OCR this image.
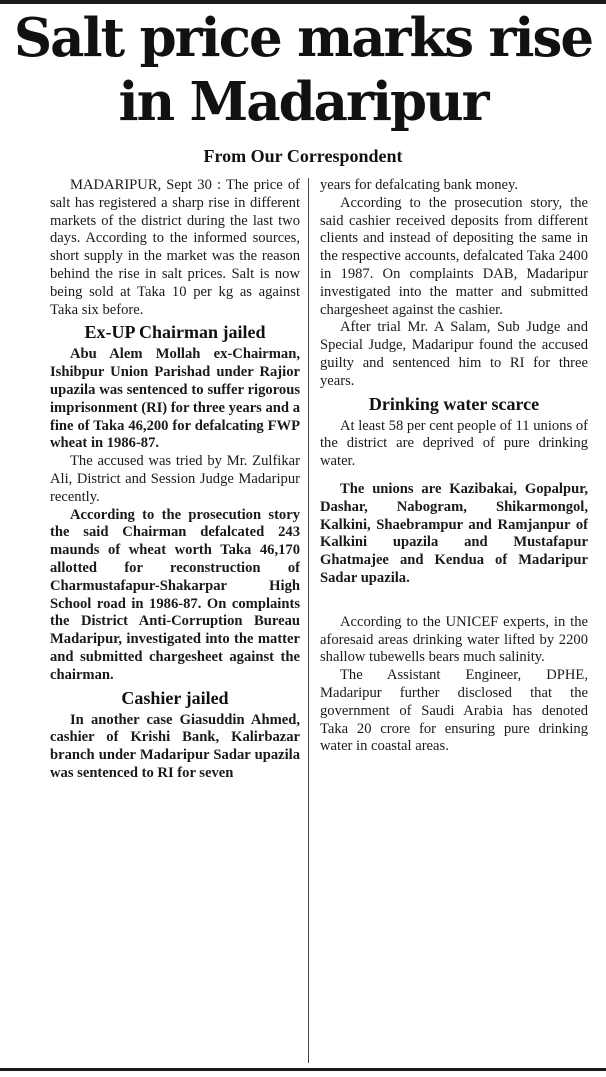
Salt price marks rise in Madaripur
From Our Correspondent

MADARIPUR, Sept 30 : The price of salt has registered a sharp rise in different markets of the district during the last two days. According to the informed sources, short supply in the market was the reason behind the rise in salt prices. Salt is now being sold at Taka 10 per kg as against Taka six before.

Ex-UP Chairman jailed

Abu Alem Mollah ex-Chairman, Ishibpur Union Parishad under Rajior upazila was sentenced to suffer rigorous imprisonment (RI) for three years and a fine of Taka 46,200 for defalcating FWP wheat in 1986-87.

The accused was tried by Mr. Zulfikar Ali, District and Session Judge Madaripur recently.

According to the prosecution story the said Chairman defalcated 243 maunds of wheat worth Taka 46,170 allotted for reconstruction of Charmustafapur-Shakarpar High School road in 1986-87. On complaints the District Anti-Corruption Bureau Madaripur, investigated into the matter and submitted chargesheet against the chairman.

Cashier jailed

In another case Giasuddin Ahmed, cashier of Krishi Bank, Kalirbazar branch under Madaripur Sadar upazila was sentenced to RI for seven

years for defalcating bank money.

According to the prosecution story, the said cashier received deposits from different clients and instead of depositing the same in the respective accounts, defalcated Taka 2400 in 1987. On complaints DAB, Madaripur investigated into the matter and submitted chargesheet against the cashier.

After trial Mr. A Salam, Sub Judge and Special Judge, Madaripur found the accused guilty and sentenced him to RI for three years.

Drinking water scarce

At least 58 per cent people of 11 unions of the district are deprived of pure drinking water.

The unions are Kazibakai, Gopalpur, Dashar, Nabogram, Shikarmongol, Kalkini, Shaebrampur and Ramjanpur of Kalkini upazila and Mustafapur Ghatmajee and Kendua of Madaripur Sadar upazila.

According to the UNICEF experts, in the aforesaid areas drinking water lifted by 2200 shallow tubewells bears much salinity.

The Assistant Engineer, DPHE, Madaripur further disclosed that the government of Saudi Arabia has denoted Taka 20 crore for ensuring pure drinking water in coastal areas.
